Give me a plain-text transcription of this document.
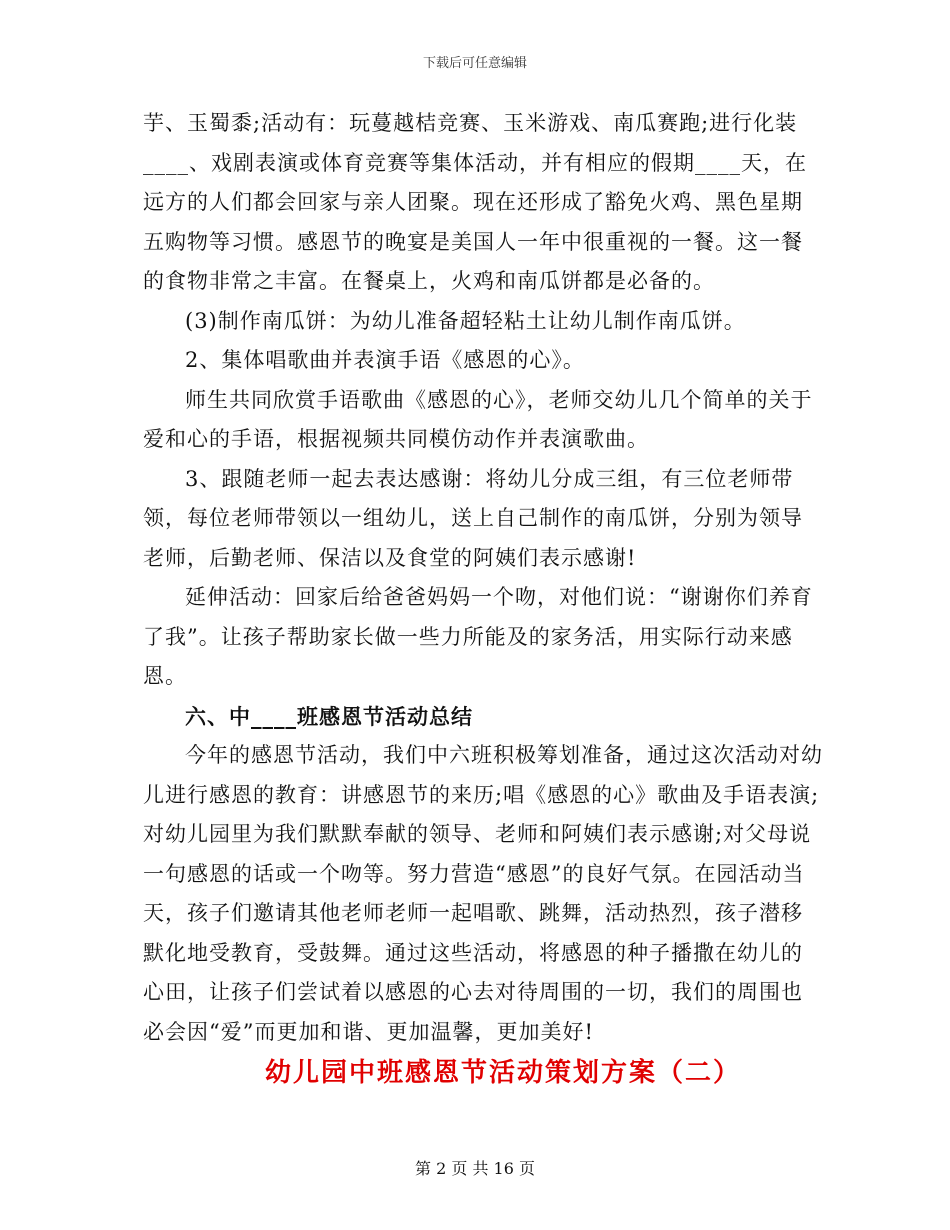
下载后可任意编辑

芋、玉蜀黍;活动有：玩蔓越桔竞赛、玉米游戏、南瓜赛跑;进行化装____、戏剧表演或体育竞赛等集体活动，并有相应的假期____天，在远方的人们都会回家与亲人团聚。现在还形成了豁免火鸡、黑色星期五购物等习惯。感恩节的晚宴是美国人一年中很重视的一餐。这一餐的食物非常之丰富。在餐桌上，火鸡和南瓜饼都是必备的。

(3)制作南瓜饼：为幼儿准备超轻粘土让幼儿制作南瓜饼。

2、集体唱歌曲并表演手语《感恩的心》。

师生共同欣赏手语歌曲《感恩的心》，老师交幼儿几个简单的关于爱和心的手语，根据视频共同模仿动作并表演歌曲。

3、跟随老师一起去表达感谢：将幼儿分成三组，有三位老师带领，每位老师带领以一组幼儿，送上自己制作的南瓜饼，分别为领导老师，后勤老师、保洁以及食堂的阿姨们表示感谢!

延伸活动：回家后给爸爸妈妈一个吻，对他们说：“谢谢你们养育了我”。让孩子帮助家长做一些力所能及的家务活，用实际行动来感恩。

六、中____班感恩节活动总结

今年的感恩节活动，我们中六班积极筹划准备，通过这次活动对幼儿进行感恩的教育：讲感恩节的来历;唱《感恩的心》歌曲及手语表演;对幼儿园里为我们默默奉献的领导、老师和阿姨们表示感谢;对父母说一句感恩的话或一个吻等。努力营造“感恩”的良好气氛。在园活动当天，孩子们邀请其他老师老师一起唱歌、跳舞，活动热烈，孩子潜移默化地受教育，受鼓舞。通过这些活动，将感恩的种子播撒在幼儿的心田，让孩子们尝试着以感恩的心去对待周围的一切，我们的周围也必会因“爱”而更加和谐、更加温馨，更加美好!

幼儿园中班感恩节活动策划方案（二）
第 2 页 共 16 页
